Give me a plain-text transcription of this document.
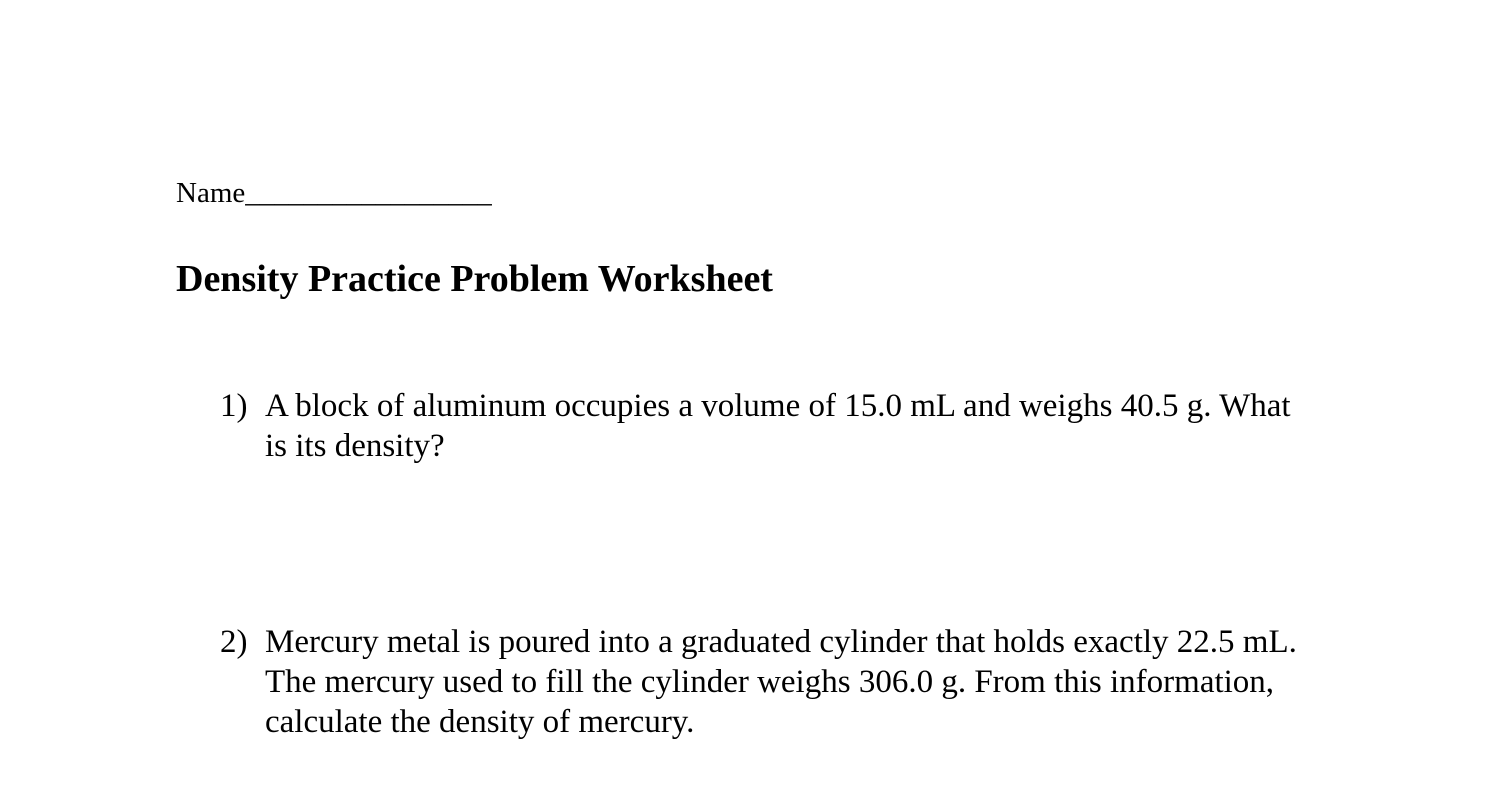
Name_________________
Density Practice Problem Worksheet
1) A block of aluminum occupies a volume of 15.0 mL and weighs 40.5 g. What is its density?
2) Mercury metal is poured into a graduated cylinder that holds exactly 22.5 mL. The mercury used to fill the cylinder weighs 306.0 g. From this information, calculate the density of mercury.
